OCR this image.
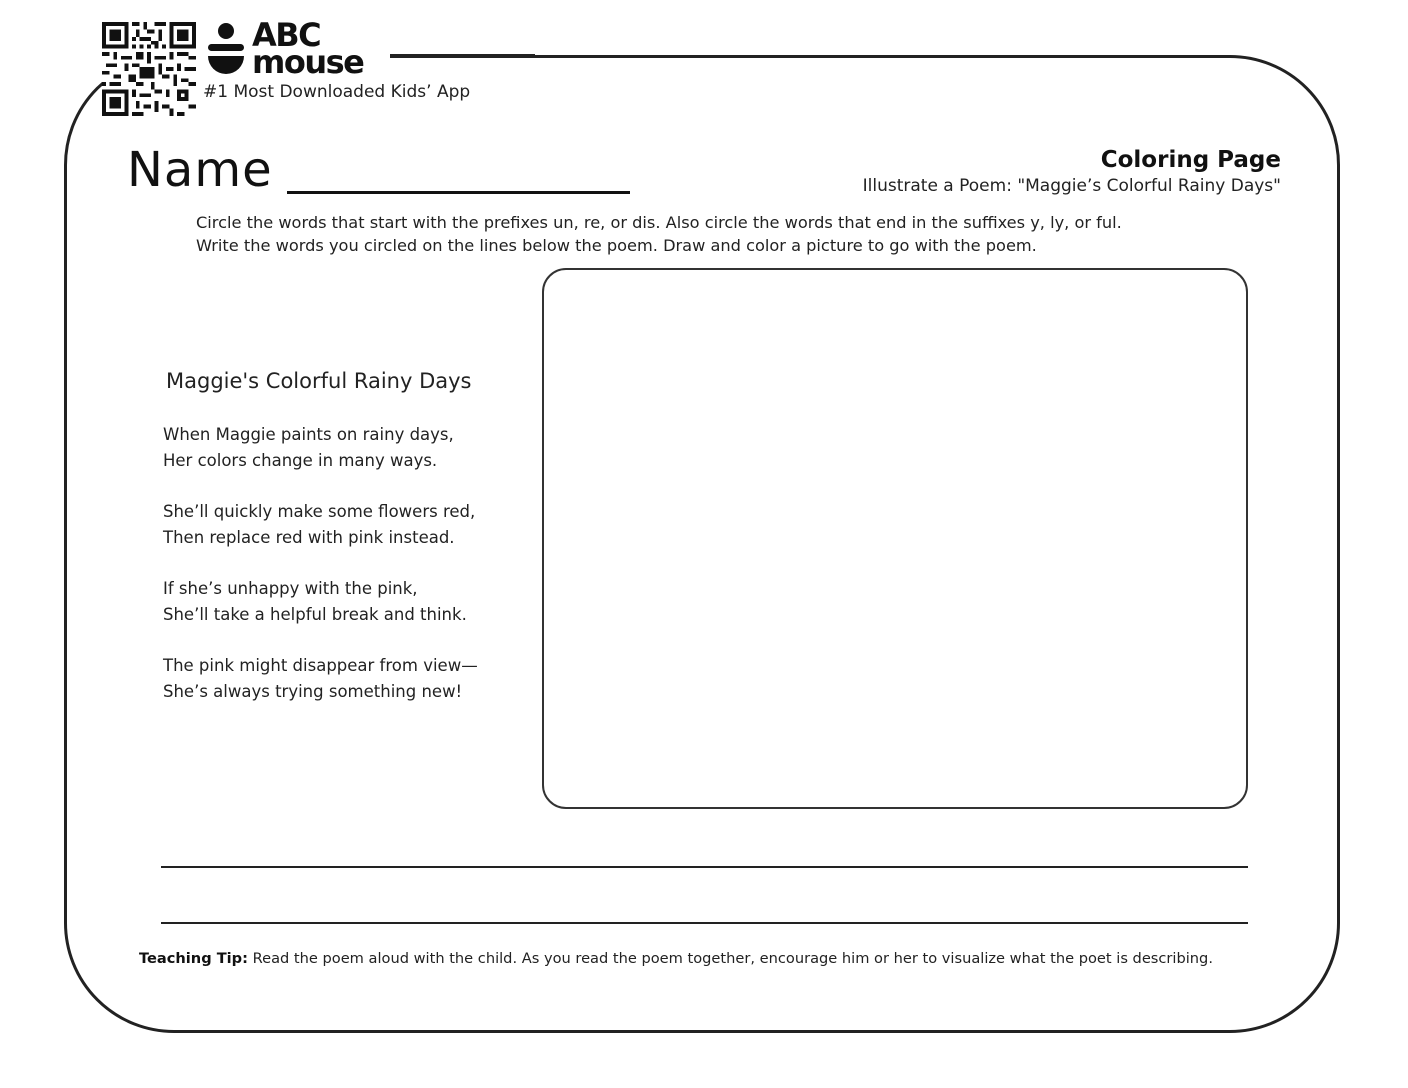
ABC
mouse
#1 Most Downloaded Kids’ App
Name	Coloring Page
Illustrate a Poem: "Maggie’s Colorful Rainy Days"

Circle the words that start with the prefixes un, re, or dis. Also circle the words that end in the suffixes y, ly, or ful.

Write the words you circled on the lines below the poem. Draw and color a picture to go with the poem.

Maggie's Colorful Rainy Days
When Maggie paints on rainy days,
Her colors change in many ways.
She’ll quickly make some flowers red,
Then replace red with pink instead.
If she’s unhappy with the pink,
She’ll take a helpful break and think.
The pink might disappear from view—
She’s always trying something new!
Teaching Tip: Read the poem aloud with the child. As you read the poem together, encourage him or her to visualize what the poet is describing.
